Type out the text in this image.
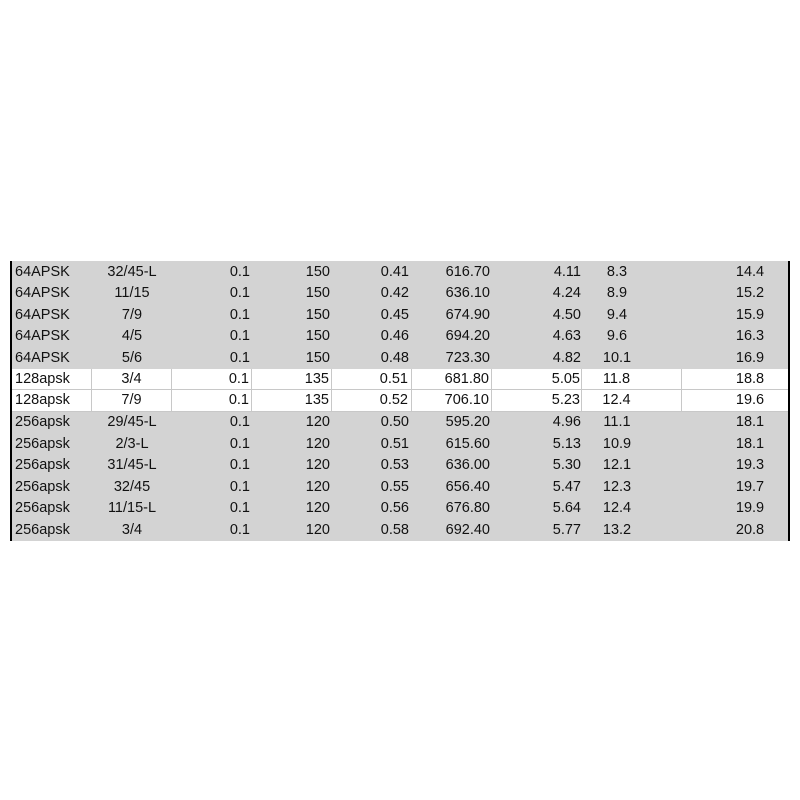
64APSK	32/45-L	0.1	150	0.41	616.70	4.11	8.3	14.4
64APSK	11/15	0.1	150	0.42	636.10	4.24	8.9	15.2
64APSK	7/9	0.1	150	0.45	674.90	4.50	9.4	15.9
64APSK	4/5	0.1	150	0.46	694.20	4.63	9.6	16.3
64APSK	5/6	0.1	150	0.48	723.30	4.82	10.1	16.9
128apsk	3/4	0.1	135	0.51	681.80	5.05	11.8	18.8
128apsk	7/9	0.1	135	0.52	706.10	5.23	12.4	19.6
256apsk	29/45-L	0.1	120	0.50	595.20	4.96	11.1	18.1
256apsk	2/3-L	0.1	120	0.51	615.60	5.13	10.9	18.1
256apsk	31/45-L	0.1	120	0.53	636.00	5.30	12.1	19.3
256apsk	32/45	0.1	120	0.55	656.40	5.47	12.3	19.7
256apsk	11/15-L	0.1	120	0.56	676.80	5.64	12.4	19.9
256apsk	3/4	0.1	120	0.58	692.40	5.77	13.2	20.8
